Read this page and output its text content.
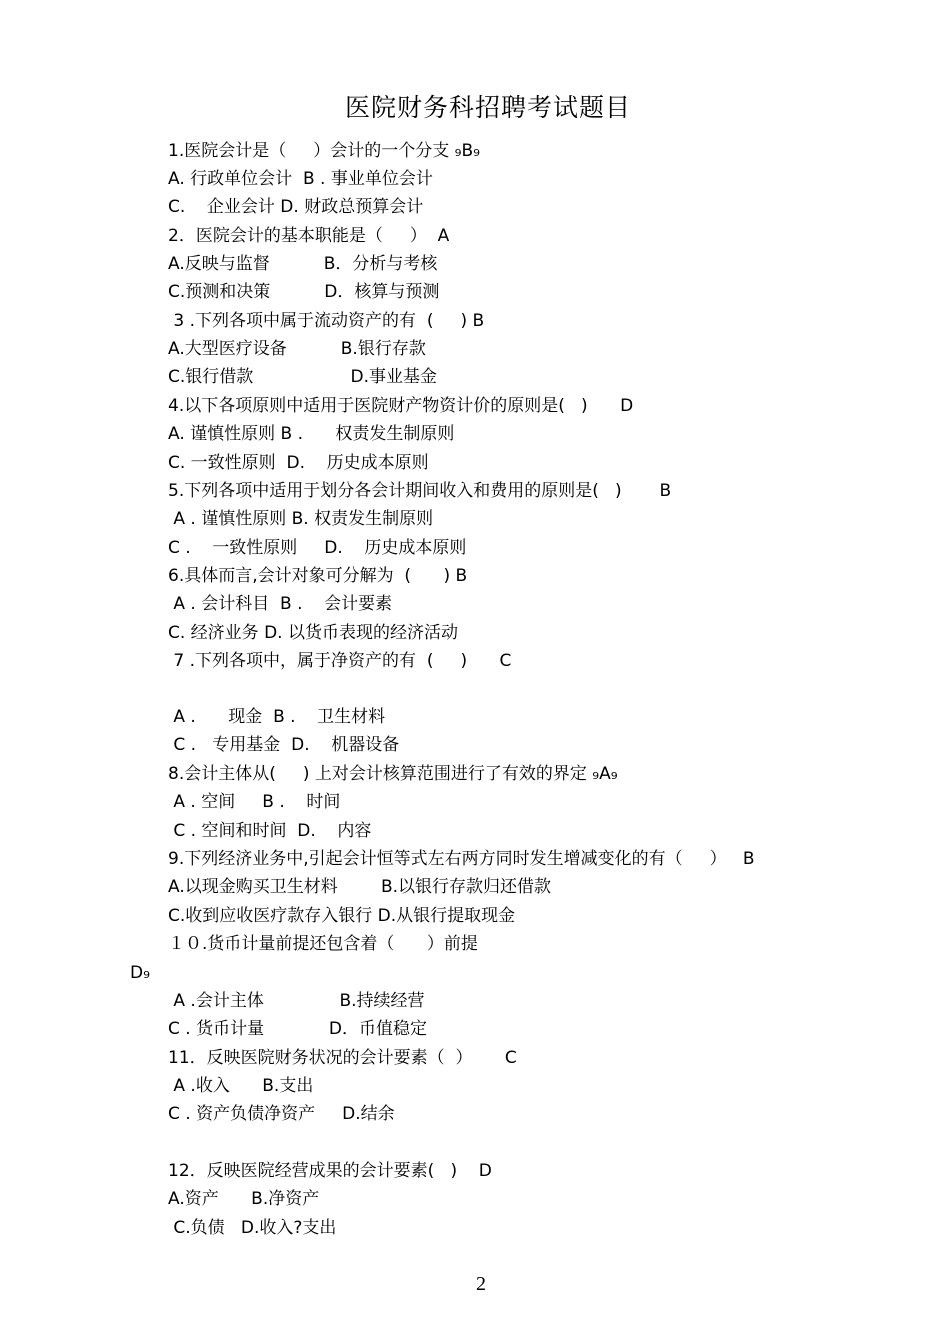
医院财务科招聘考试题目
1.医院会计是（     ）会计的一个分支 ₉B₉
A. 行政单位会计  B . 事业单位会计
C.    企业会计 D. 财政总预算会计
2．医院会计的基本职能是（     ）  A
A.反映与监督          B．分析与考核
C.预测和决策          D．核算与预测
3 .下列各项中属于流动资产的有  (     ) B
A.大型医疗设备          B.银行存款
C.银行借款                  D.事业基金
4.以下各项原则中适用于医院财产物资计价的原则是(   )      D
A. 谨慎性原则 B .      权责发生制原则
C. 一致性原则  D.    历史成本原则
5.下列各项中适用于划分各会计期间收入和费用的原则是(   )       B
A . 谨慎性原则 B. 权责发生制原则
C .    一致性原则     D.    历史成本原则
6.具体而言,会计对象可分解为  (      ) B
A . 会计科目  B .    会计要素
C. 经济业务 D. 以货币表现的经济活动
7 .下列各项中，属于净资产的有  (     )      C
A .      现金  B .    卫生材料
C .   专用基金  D.    机器设备
8.会计主体从(     ) 上对会计核算范围进行了有效的界定 ₉A₉
A . 空间     B .    时间
C . 空间和时间  D.    内容
9.下列经济业务中,引起会计恒等式左右两方同时发生增减变化的有（     ）   B
A.以现金购买卫生材料        B.以银行存款归还借款
C.收到应收医疗款存入银行 D.从银行提取现金
１０.货币计量前提还包含着（      ）前提
D₉
A .会计主体              B.持续经营
C . 货币计量            D．币值稳定
11．反映医院财务状况的会计要素（  ）      C
A .收入      B.支出
C . 资产负债净资产     D.结余
12．反映医院经营成果的会计要素(   )    D
A.资产      B.净资产
C.负债   D.收入?支出
2
